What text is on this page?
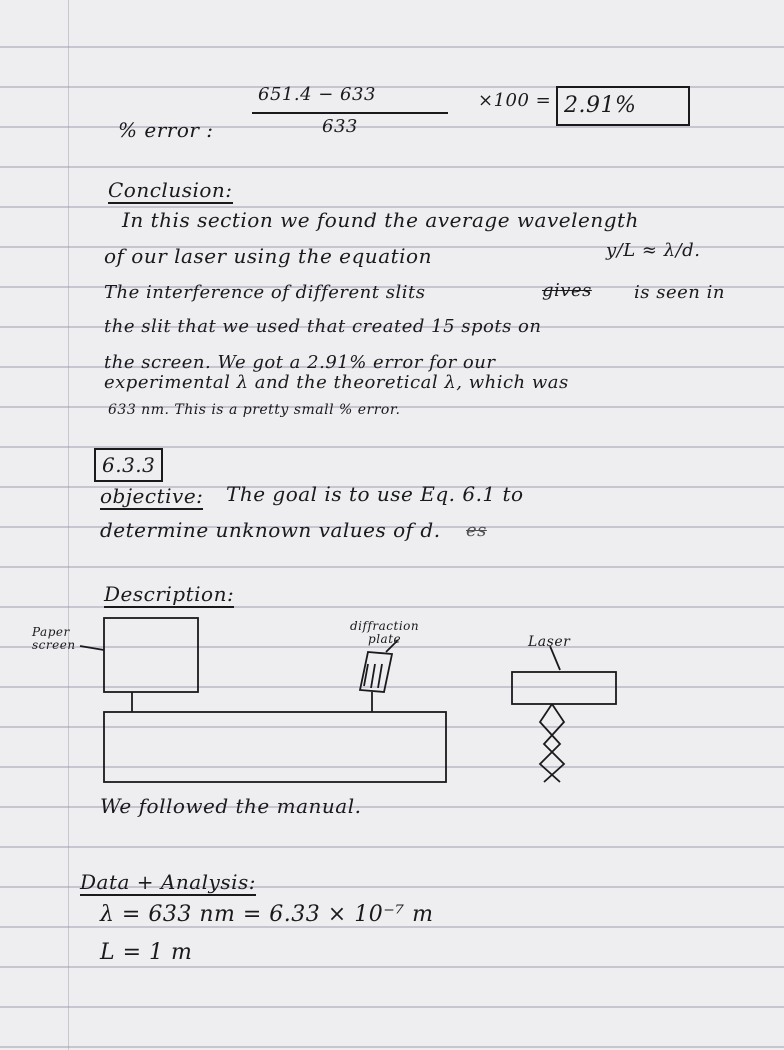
% error :
651.4 − 633
633
×100 = 2.91%
Conclusion:
In this section we found the average wavelength
of our laser using the equation	y/L ≈ λ/d.
The interference of different slits	gives is seen in
the slit that we used that created 15 spots on
the screen. We got a 2.91% error for our
experimental λ and the theoretical λ, which was
633 nm. This is a pretty small % error.
6.3.3
objective: The goal is to use Eq. 6.1 to
determine unknown values of d. es
Description:
Paper
screen
diffraction
plate	Laser
We followed the manual.
Data + Analysis:
λ = 633 nm = 6.33 × 10⁻⁷ m
L = 1 m
